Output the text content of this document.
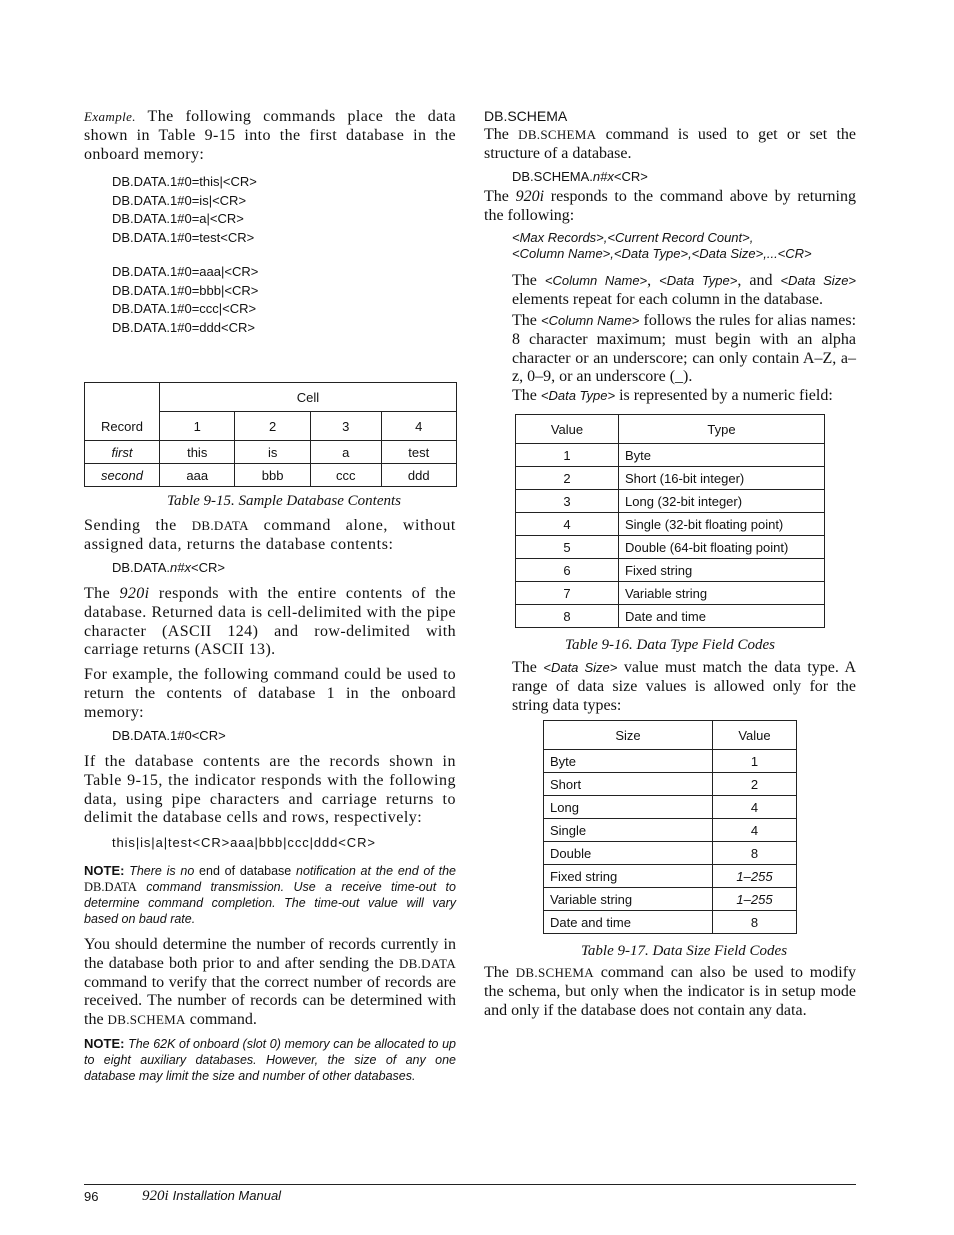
Example. The following commands place the data shown in Table 9-15 into the first database in the onboard memory:
DB.DATA.1#0=this|<CR>
DB.DATA.1#0=is|<CR>
DB.DATA.1#0=a|<CR>
DB.DATA.1#0=test<CR>
DB.DATA.1#0=aaa|<CR>
DB.DATA.1#0=bbb|<CR>
DB.DATA.1#0=ccc|<CR>
DB.DATA.1#0=ddd<CR>
Record	Cell			
	1	2	3	4
first	this	is	a	test
second	aaa	bbb	ccc	ddd
Table 9-15. Sample Database Contents
Sending the DB.DATA command alone, without assigned data, returns the database contents:
DB.DATA.n#x<CR>
The 920i responds with the entire contents of the database. Returned data is cell-delimited with the pipe character (ASCII 124) and row-delimited with carriage returns (ASCII 13).
For example, the following command could be used to return the contents of database 1 in the onboard memory:
DB.DATA.1#0<CR>
If the database contents are the records shown in Table 9-15, the indicator responds with the following data, using pipe characters and carriage returns to delimit the database cells and rows, respectively:
this|is|a|test<CR>aaa|bbb|ccc|ddd<CR>
NOTE: There is no end of database notification at the end of the DB.DATA command transmission. Use a receive time-out to determine command completion. The time-out value will vary based on baud rate.
You should determine the number of records currently in the database both prior to and after sending the DB.DATA command to verify that the correct number of records are received. The number of records can be determined with the DB.SCHEMA command.
NOTE: The 62K of onboard (slot 0) memory can be allocated to up to eight auxiliary databases. However, the size of any one database may limit the size and number of other databases.
DB.SCHEMA
The DB.SCHEMA command is used to get or set the structure of a database.
DB.SCHEMA.n#x<CR>
The 920i responds to the command above by returning the following:
<Max Records>,<Current Record Count>,
<Column Name>,<Data Type>,<Data Size>,...<CR>
The <Column Name>, <Data Type>, and <Data Size> elements repeat for each column in the database.
The <Column Name> follows the rules for alias names: 8 character maximum; must begin with an alpha character or an underscore; can only contain A–Z, a–z, 0–9, or an underscore (_).
The <Data Type> is represented by a numeric field:
Value	Type
1	Byte
2	Short (16-bit integer)
3	Long (32-bit integer)
4	Single (32-bit floating point)
5	Double (64-bit floating point)
6	Fixed string
7	Variable string
8	Date and time
Table 9-16. Data Type Field Codes
The <Data Size> value must match the data type. A range of data size values is allowed only for the string data types:
Size	Value
Byte	1
Short	2
Long	4
Single	4
Double	8
Fixed string	1–255
Variable string	1–255
Date and time	8
Table 9-17. Data Size Field Codes
The DB.SCHEMA command can also be used to modify the schema, but only when the indicator is in setup mode and only if the database does not contain any data.
96	920i Installation Manual
